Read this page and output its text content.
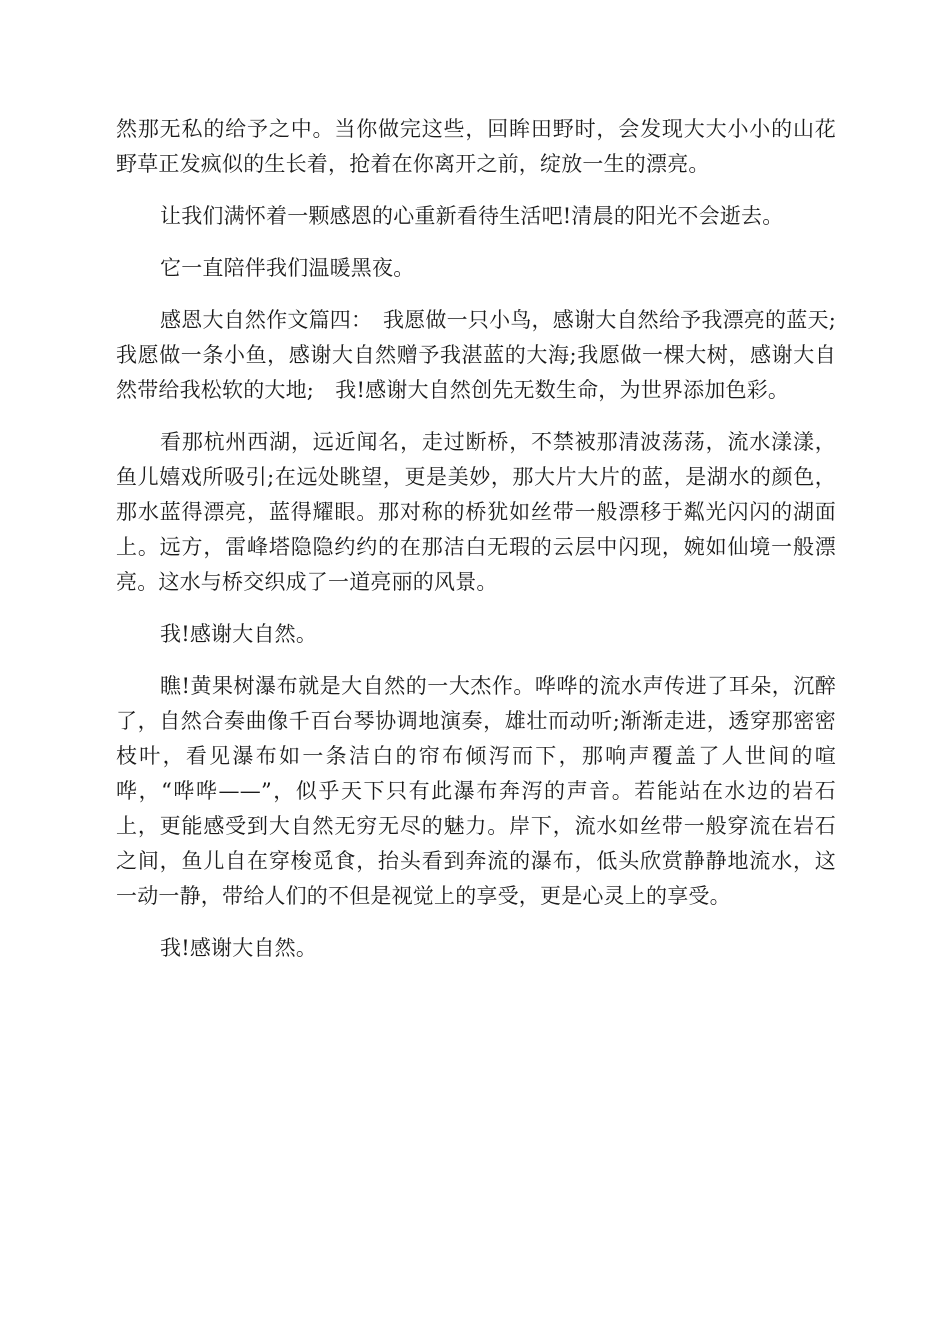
然那无私的给予之中。当你做完这些，回眸田野时，会发现大大小小的山花野草正发疯似的生长着，抢着在你离开之前，绽放一生的漂亮。

让我们满怀着一颗感恩的心重新看待生活吧!清晨的阳光不会逝去。

它一直陪伴我们温暖黑夜。

感恩大自然作文篇四：　我愿做一只小鸟，感谢大自然给予我漂亮的蓝天;我愿做一条小鱼，感谢大自然赠予我湛蓝的大海;我愿做一棵大树，感谢大自然带给我松软的大地;　我!感谢大自然创先无数生命，为世界添加色彩。

看那杭州西湖，远近闻名，走过断桥，不禁被那清波荡荡，流水漾漾，鱼儿嬉戏所吸引;在远处眺望，更是美妙，那大片大片的蓝，是湖水的颜色，那水蓝得漂亮，蓝得耀眼。那对称的桥犹如丝带一般漂移于粼光闪闪的湖面上。远方，雷峰塔隐隐约约的在那洁白无瑕的云层中闪现，婉如仙境一般漂亮。这水与桥交织成了一道亮丽的风景。

我!感谢大自然。

瞧!黄果树瀑布就是大自然的一大杰作。哗哗的流水声传进了耳朵，沉醉了，自然合奏曲像千百台琴协调地演奏，雄壮而动听;渐渐走进，透穿那密密枝叶，看见瀑布如一条洁白的帘布倾泻而下，那响声覆盖了人世间的喧哗，“哗哗——”，似乎天下只有此瀑布奔泻的声音。若能站在水边的岩石上，更能感受到大自然无穷无尽的魅力。岸下，流水如丝带一般穿流在岩石之间，鱼儿自在穿梭觅食，抬头看到奔流的瀑布，低头欣赏静静地流水，这一动一静，带给人们的不但是视觉上的享受，更是心灵上的享受。

我!感谢大自然。
